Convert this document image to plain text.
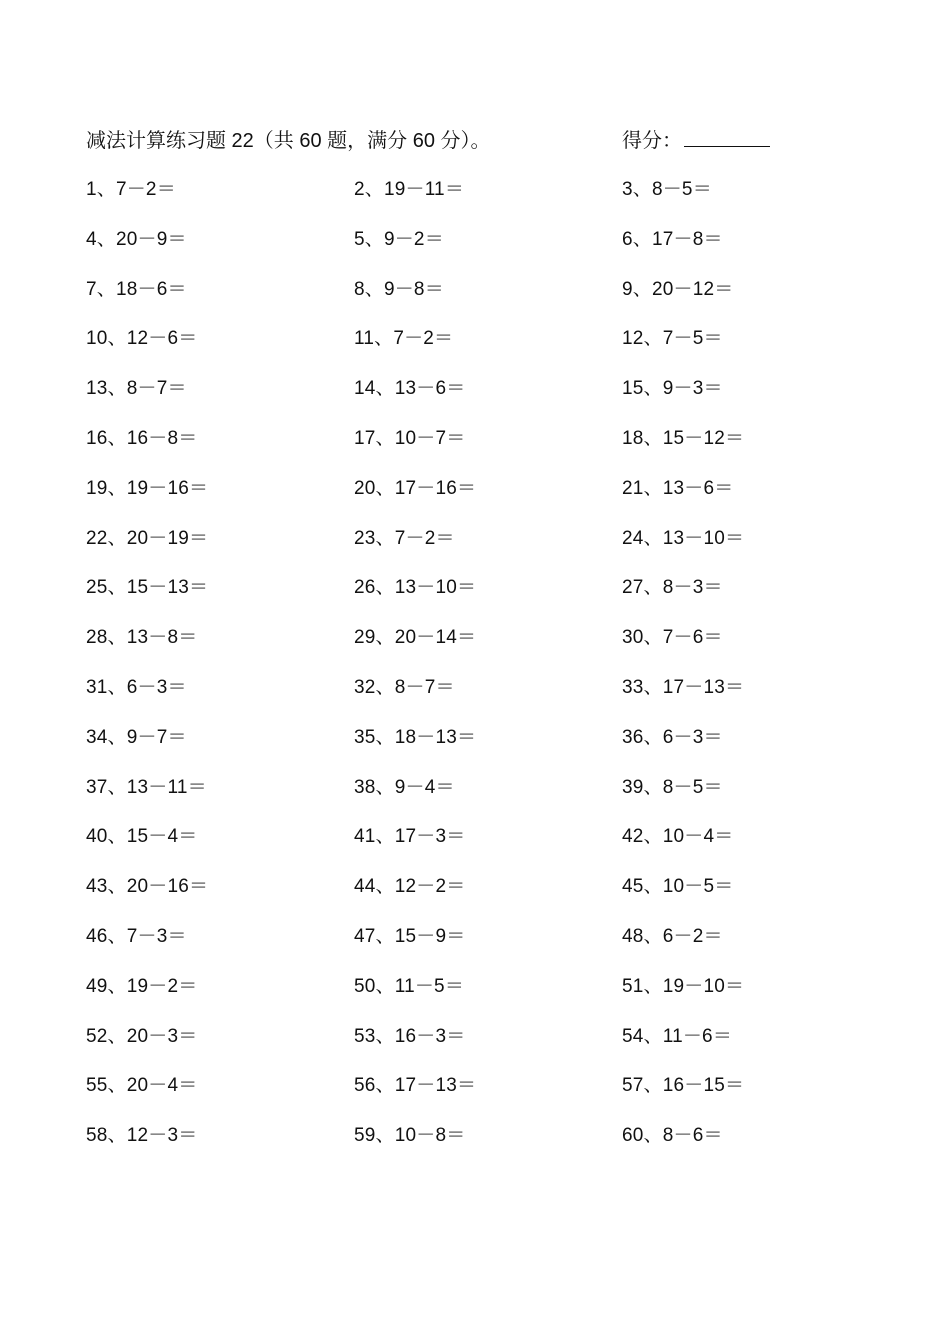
减法计算练习题 22（共 60 题，满分 60 分）。	得分：
1、7－2＝	2、19－11＝	3、8－5＝
4、20－9＝	5、9－2＝	6、17－8＝
7、18－6＝	8、9－8＝	9、20－12＝
10、12－6＝	11、7－2＝	12、7－5＝
13、8－7＝	14、13－6＝	15、9－3＝
16、16－8＝	17、10－7＝	18、15－12＝
19、19－16＝	20、17－16＝	21、13－6＝
22、20－19＝	23、7－2＝	24、13－10＝
25、15－13＝	26、13－10＝	27、8－3＝
28、13－8＝	29、20－14＝	30、7－6＝
31、6－3＝	32、8－7＝	33、17－13＝
34、9－7＝	35、18－13＝	36、6－3＝
37、13－11＝	38、9－4＝	39、8－5＝
40、15－4＝	41、17－3＝	42、10－4＝
43、20－16＝	44、12－2＝	45、10－5＝
46、7－3＝	47、15－9＝	48、6－2＝
49、19－2＝	50、11－5＝	51、19－10＝
52、20－3＝	53、16－3＝	54、11－6＝
55、20－4＝	56、17－13＝	57、16－15＝
58、12－3＝	59、10－8＝	60、8－6＝
